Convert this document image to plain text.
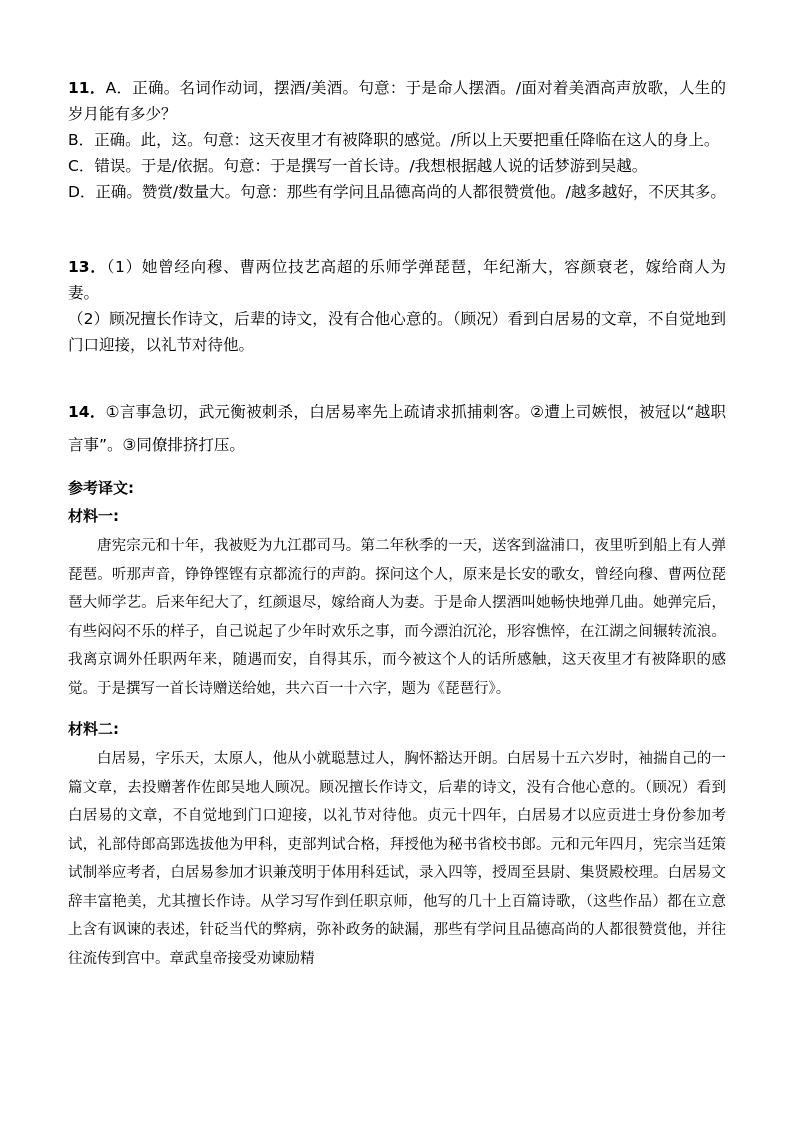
11．A．正确。名词作动词，摆酒/美酒。句意：于是命人摆酒。/面对着美酒高声放歌，人生的岁月能有多少？

B．正确。此，这。句意：这天夜里才有被降职的感觉。/所以上天要把重任降临在这人的身上。

C．错误。于是/依据。句意：于是撰写一首长诗。/我想根据越人说的话梦游到吴越。

D．正确。赞赏/数量大。句意：那些有学问且品德高尚的人都很赞赏他。/越多越好，不厌其多。

13．（1）她曾经向穆、曹两位技艺高超的乐师学弹琵琶，年纪渐大，容颜衰老，嫁给商人为妻。

（2）顾况擅长作诗文，后辈的诗文，没有合他心意的。（顾况）看到白居易的文章，不自觉地到门口迎接，以礼节对待他。

14．①言事急切，武元衡被刺杀，白居易率先上疏请求抓捕刺客。②遭上司嫉恨，被冠以“越职言事”。③同僚排挤打压。

参考译文:

材料一:

唐宪宗元和十年，我被贬为九江郡司马。第二年秋季的一天，送客到湓浦口，夜里听到船上有人弹琵琶。听那声音，铮铮铿铿有京都流行的声韵。探问这个人，原来是长安的歌女，曾经向穆、曹两位琵琶大师学艺。后来年纪大了，红颜退尽，嫁给商人为妻。于是命人摆酒叫她畅快地弹几曲。她弹完后，有些闷闷不乐的样子，自己说起了少年时欢乐之事，而今漂泊沉沦，形容憔悴，在江湖之间辗转流浪。我离京调外任职两年来，随遇而安，自得其乐，而今被这个人的话所感触，这天夜里才有被降职的感觉。于是撰写一首长诗赠送给她，共六百一十六字，题为《琵琶行》。

材料二:

白居易，字乐天，太原人，他从小就聪慧过人，胸怀豁达开朗。白居易十五六岁时，袖揣自己的一篇文章，去投赠著作佐郎吴地人顾况。顾况擅长作诗文，后辈的诗文，没有合他心意的。（顾况）看到白居易的文章，不自觉地到门口迎接，以礼节对待他。贞元十四年，白居易才以应贡进士身份参加考试，礼部侍郎高郢选拔他为甲科，吏部判试合格，拜授他为秘书省校书郎。元和元年四月，宪宗当廷策试制举应考者，白居易参加才识兼茂明于体用科廷试，录入四等，授周至县尉、集贤殿校理。白居易文辞丰富艳美，尤其擅长作诗。从学习写作到任职京师，他写的几十上百篇诗歌，（这些作品）都在立意上含有讽谏的表述，针砭当代的弊病，弥补政务的缺漏，那些有学问且品德高尚的人都很赞赏他，并往往流传到宫中。章武皇帝接受劝谏励精
